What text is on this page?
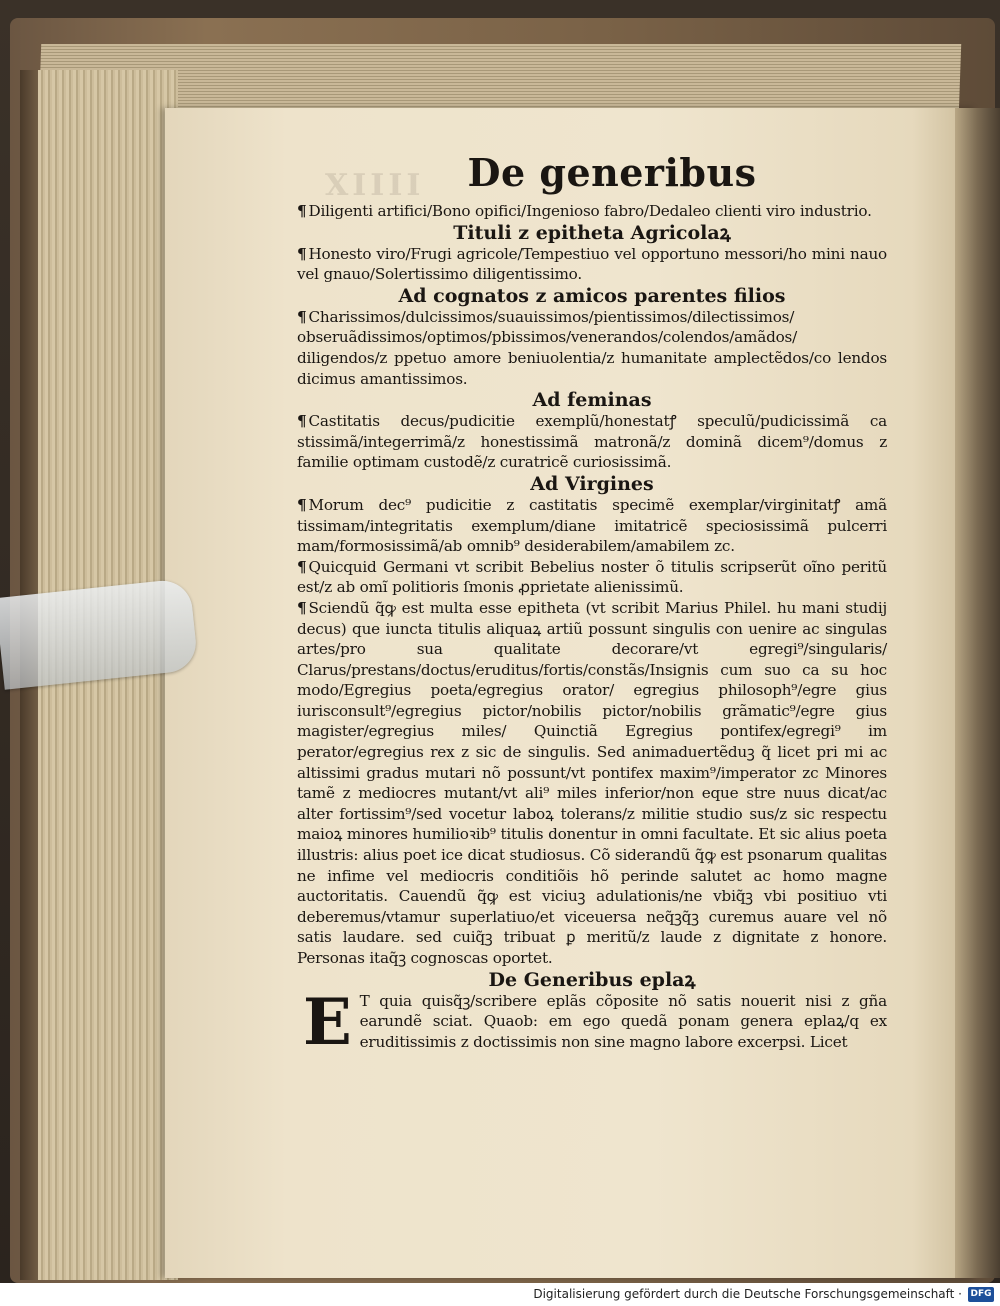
XIIII	De generibus

¶ Diligenti artifici/Bono opifici/Ingenioso fabro/Dedaleo clienti viro industrio.

Tituli z epitheta Agricolaꝝ

¶ Honesto viro/Frugi agricole/Tempestiuo vel opportuno messori/ho mini nauo vel gnauo/Solertissimo diligentissimo.

Ad cognatos z amicos parentes filios

¶ Charissimos/dulcissimos/suauissimos/pientissimos/dilectissimos/ obseruãdissimos/optimos/pbissimos/venerandos/colendos/amãdos/ diligendos/z ppetuo amore beniuolentia/z humanitate amplectẽdos/co lendos dicimus amantissimos.

Ad feminas

¶ Castitatis decus/pudicitie exemplũ/honestatꝭ speculũ/pudicissimã ca stissimã/integerrimã/z honestissimã matronã/z dominã dicem⁹/domus z familie optimam custodẽ/z curatricẽ curiosissimã.

Ad Virgines

¶ Morum dec⁹ pudicitie z castitatis specimẽ exemplar/virginitatꝭ amã tissimam/integritatis exemplum/diane imitatricẽ speciosissimã pulcerri mam/formosissimã/ab omnib⁹ desiderabilem/amabilem zc.

¶ Quicquid Germani vt scribit Bebelius noster õ titulis scripserũt oĩno peritũ est/z ab omĩ politioris ſmonis ꝓprietate alienissimũ.

¶ Sciendũ q̃ꝙ est multa esse epitheta (vt scribit Marius Philel. hu mani studij decus) que iuncta titulis aliquaꝝ artiũ possunt singulis con uenire ac singulas artes/pro sua qualitate decorare/vt egregi⁹/singularis/ Clarus/prestans/doctus/eruditus/fortis/constãs/Insignis cum suo ca su hoc modo/Egregius poeta/egregius orator/ egregius philosoph⁹/egre gius iurisconsult⁹/egregius pictor/nobilis pictor/nobilis grãmatic⁹/egre gius magister/egregius miles/ Quinctiã Egregius pontifex/egregi⁹ im perator/egregius rex z sic de singulis. Sed animaduertẽduꝫ q̃ licet pri mi ac altissimi gradus mutari nõ possunt/vt pontifex maxim⁹/imperator zc Minores tamẽ z mediocres mutant/vt ali⁹ miles inferior/non eque stre nuus dicat/ac alter fortissim⁹/sed vocetur laboꝝ tolerans/z militie studio sus/z sic respectu maioꝝ minores humilioꝛib⁹ titulis donentur in omni facultate. Et sic alius poeta illustris: alius poet ice dicat studiosus. Cõ siderandũ q̃ꝙ est psonarum qualitas ne infime vel mediocris conditiõis hõ perinde salutet ac homo magne auctoritatis. Cauendũ q̃ꝙ est viciuꝫ adulationis/ne vbiq̃ꝫ vbi positiuo vti deberemus/vtamur superlatiuo/et viceuersa neq̃ꝫq̃ꝫ curemus auare vel nõ satis laudare. sed cuiq̃ꝫ tribuat ꝑ meritũ/z laude z dignitate z honore. Personas itaq̃ꝫ cognoscas oportet.

De Generibus eplaꝝ

E T quia quisq̃ꝫ/scribere eplãs cõposite nõ satis nouerit nisi z gña earundẽ sciat. Quaob: em ego quedã ponam genera eplaꝝ/q ex eruditissimis z doctissimis non sine magno labore excerpsi. Licet

Digitalisierung gefördert durch die Deutsche Forschungsgemeinschaft · DFG
